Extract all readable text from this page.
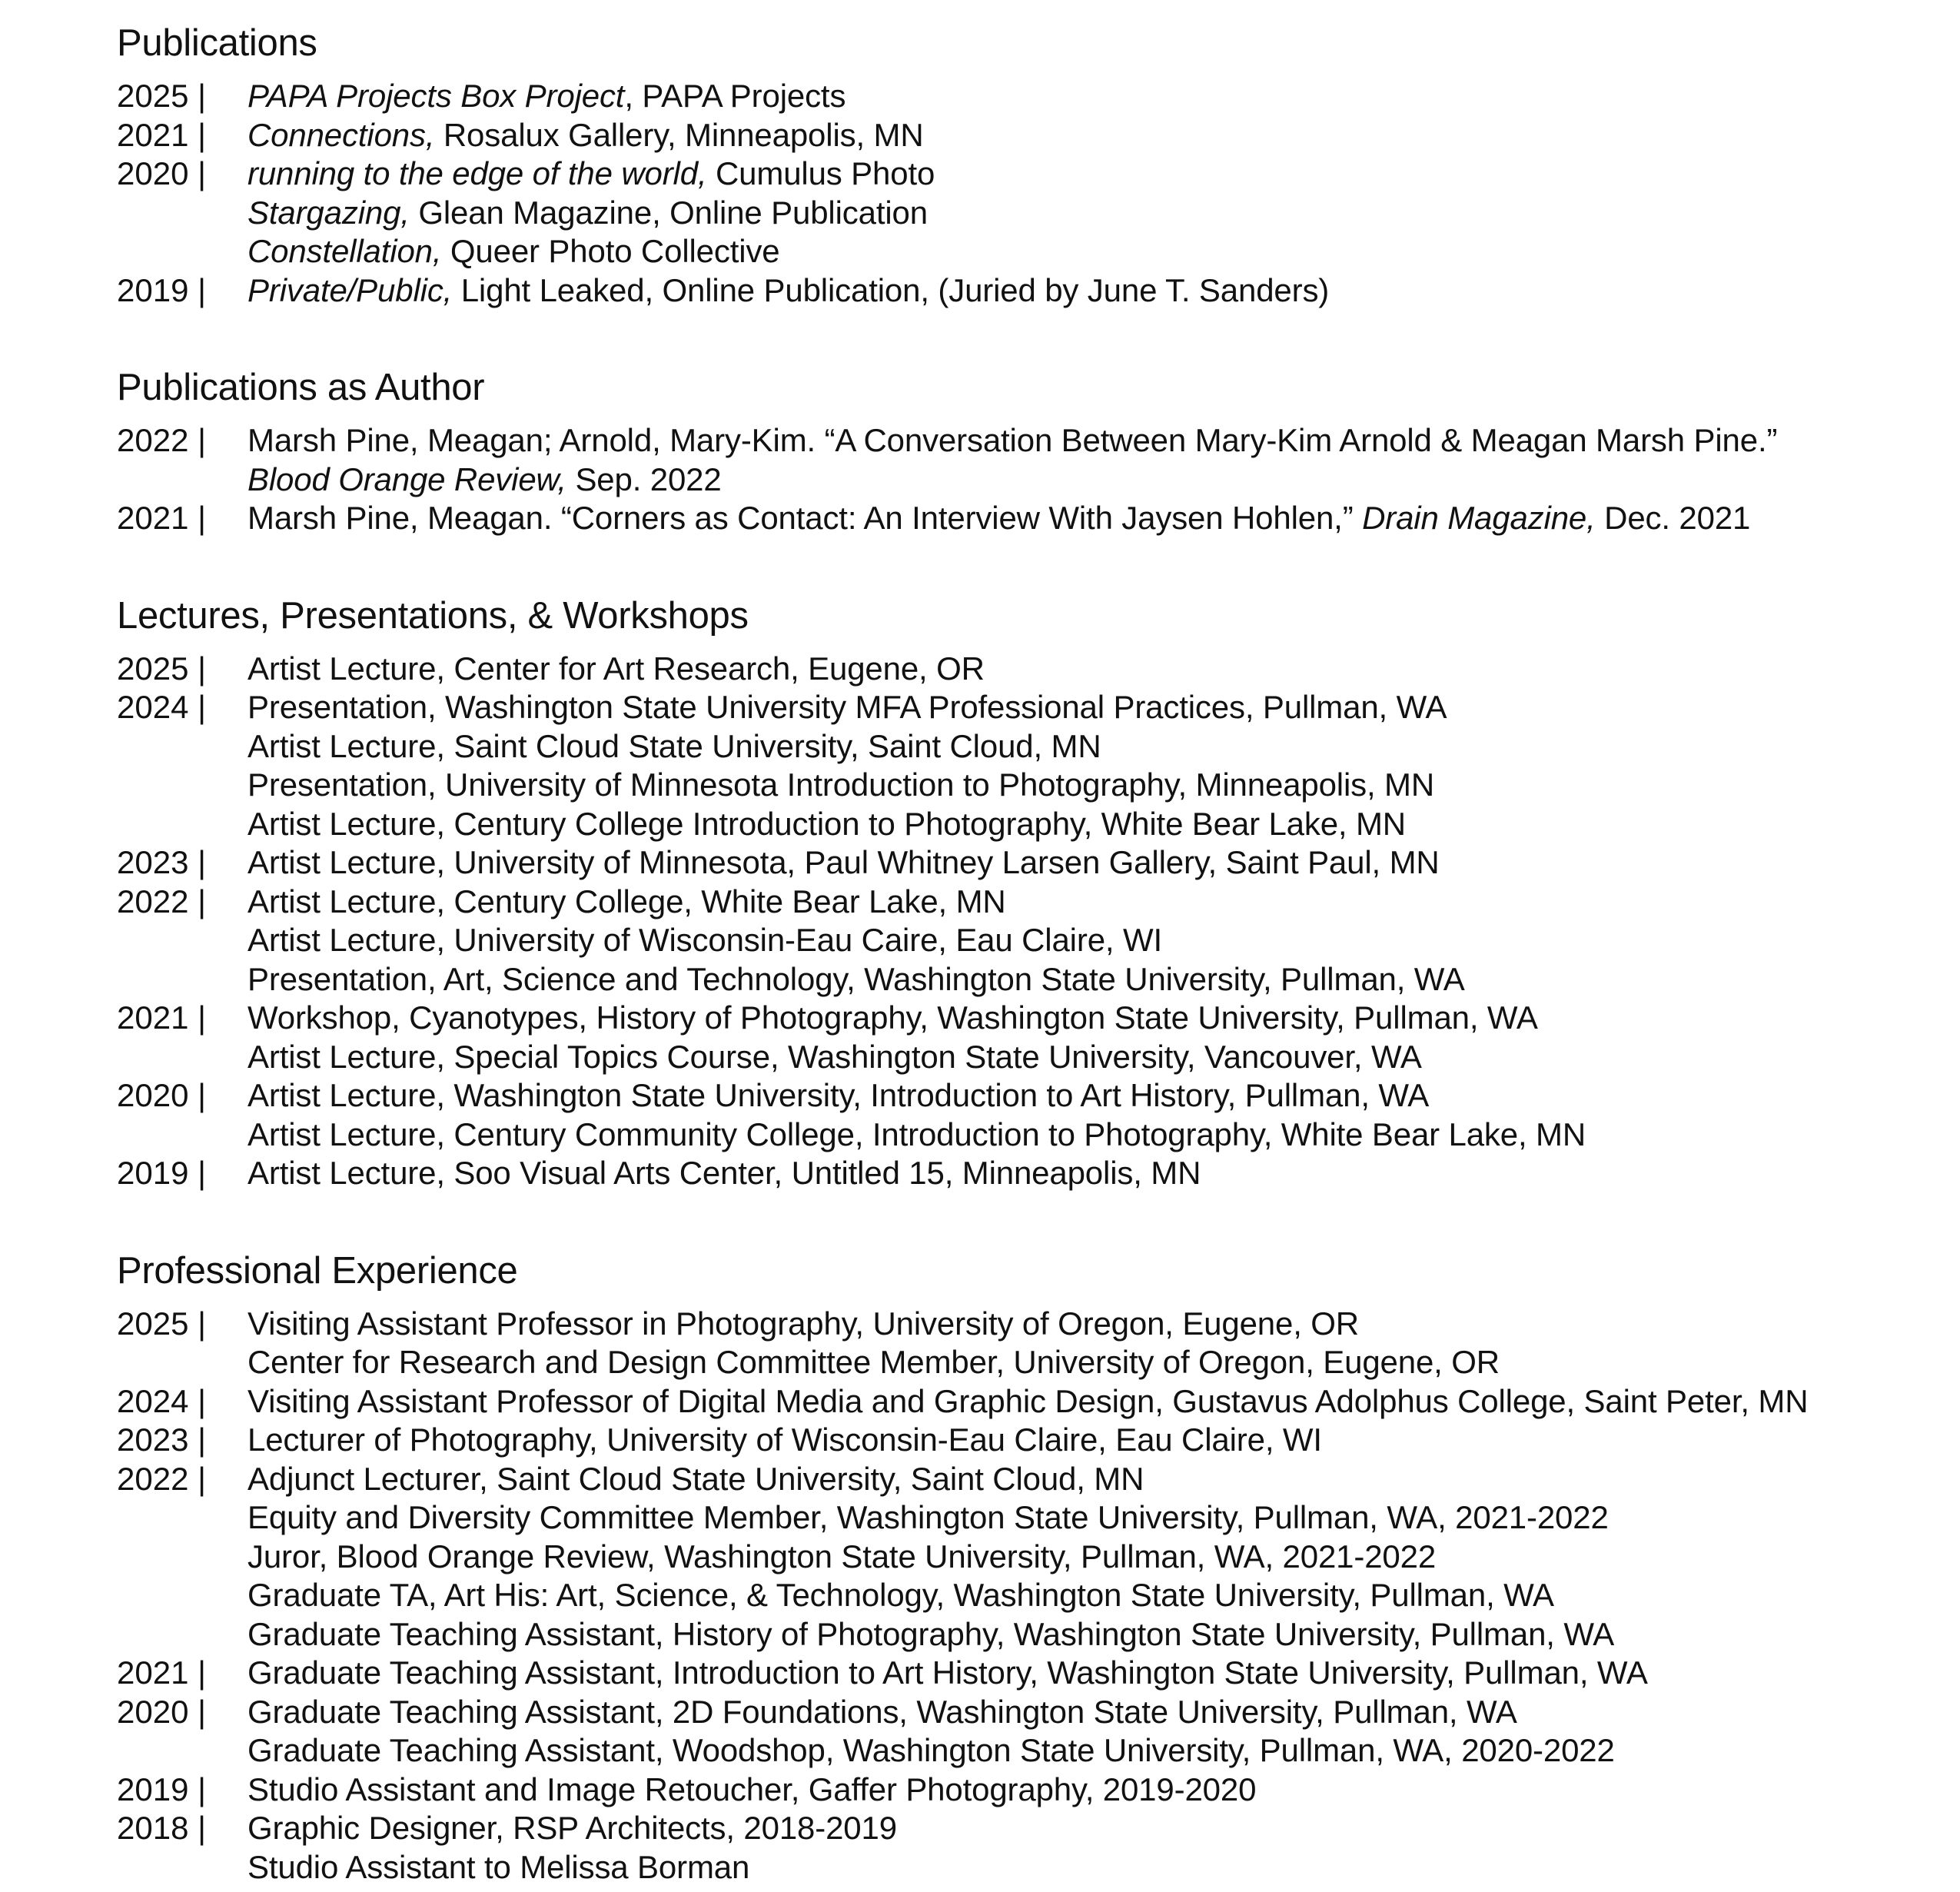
Publications
2025 |	PAPA Projects Box Project, PAPA Projects
2021 |	Connections, Rosalux Gallery, Minneapolis, MN
2020 |	running to the edge of the world, Cumulus Photo
Stargazing, Glean Magazine, Online Publication
Constellation, Queer Photo Collective
2019 |	Private/Public, Light Leaked, Online Publication, (Juried by June T. Sanders)
Publications as Author
2022 |	Marsh Pine, Meagan; Arnold, Mary-Kim. “A Conversation Between Mary-Kim Arnold & Meagan Marsh Pine.”
Blood Orange Review, Sep. 2022
2021 |	Marsh Pine, Meagan. “Corners as Contact: An Interview With Jaysen Hohlen,” Drain Magazine, Dec. 2021
Lectures, Presentations, & Workshops
2025 |	Artist Lecture, Center for Art Research, Eugene, OR
2024 |	Presentation, Washington State University MFA Professional Practices, Pullman, WA
Artist Lecture, Saint Cloud State University, Saint Cloud, MN
Presentation, University of Minnesota Introduction to Photography, Minneapolis, MN
Artist Lecture, Century College Introduction to Photography, White Bear Lake, MN
2023 |	Artist Lecture, University of Minnesota, Paul Whitney Larsen Gallery, Saint Paul, MN
2022 |	Artist Lecture, Century College, White Bear Lake, MN
Artist Lecture, University of Wisconsin-Eau Caire, Eau Claire, WI
Presentation, Art, Science and Technology, Washington State University, Pullman, WA
2021 |	Workshop, Cyanotypes, History of Photography, Washington State University, Pullman, WA
Artist Lecture, Special Topics Course, Washington State University, Vancouver, WA
2020 |	Artist Lecture, Washington State University, Introduction to Art History, Pullman, WA
Artist Lecture, Century Community College, Introduction to Photography, White Bear Lake, MN
2019 |	Artist Lecture, Soo Visual Arts Center, Untitled 15, Minneapolis, MN
Professional Experience
2025 |	Visiting Assistant Professor in Photography, University of Oregon, Eugene, OR
Center for Research and Design Committee Member, University of Oregon, Eugene, OR
2024 |	Visiting Assistant Professor of Digital Media and Graphic Design, Gustavus Adolphus College, Saint Peter, MN
2023 |	Lecturer of Photography, University of Wisconsin-Eau Claire, Eau Claire, WI
2022 |	Adjunct Lecturer, Saint Cloud State University, Saint Cloud, MN
Equity and Diversity Committee Member, Washington State University, Pullman, WA, 2021-2022
Juror, Blood Orange Review, Washington State University, Pullman, WA, 2021-2022
Graduate TA, Art His: Art, Science, & Technology, Washington State University, Pullman, WA
Graduate Teaching Assistant, History of Photography, Washington State University, Pullman, WA
2021 |	Graduate Teaching Assistant, Introduction to Art History, Washington State University, Pullman, WA
2020 |	Graduate Teaching Assistant, 2D Foundations, Washington State University, Pullman, WA
Graduate Teaching Assistant, Woodshop, Washington State University, Pullman, WA, 2020-2022
2019 |	Studio Assistant and Image Retoucher, Gaffer Photography, 2019-2020
2018 |	Graphic Designer, RSP Architects, 2018-2019
Studio Assistant to Melissa Borman
